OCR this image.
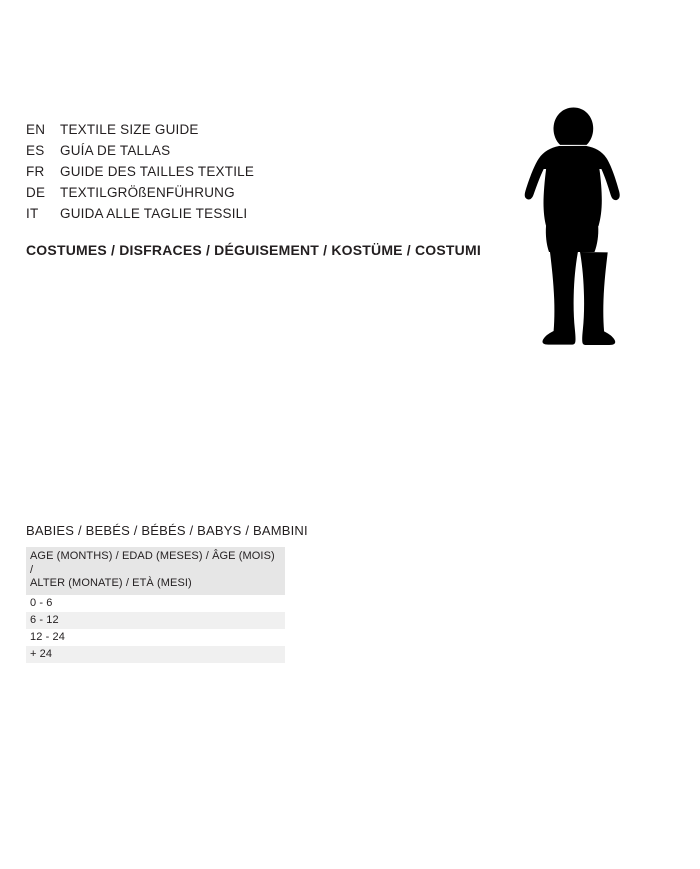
EN	TEXTILE SIZE GUIDE
ES	GUÍA DE TALLAS
FR	GUIDE DES TAILLES TEXTILE
DE	TEXTILGRÖßENFÜHRUNG
IT	GUIDA ALLE TAGLIE TESSILI
COSTUMES / DISFRACES / DÉGUISEMENT / KOSTÜME / COSTUMI
BABIES / BEBÉS / BÉBÉS / BABYS / BAMBINI
AGE (MONTHS) / EDAD (MESES) / ÂGE (MOIS) /
ALTER (MONATE) / ETÀ (MESI)
0 - 6
6 - 12
12 - 24
+ 24
